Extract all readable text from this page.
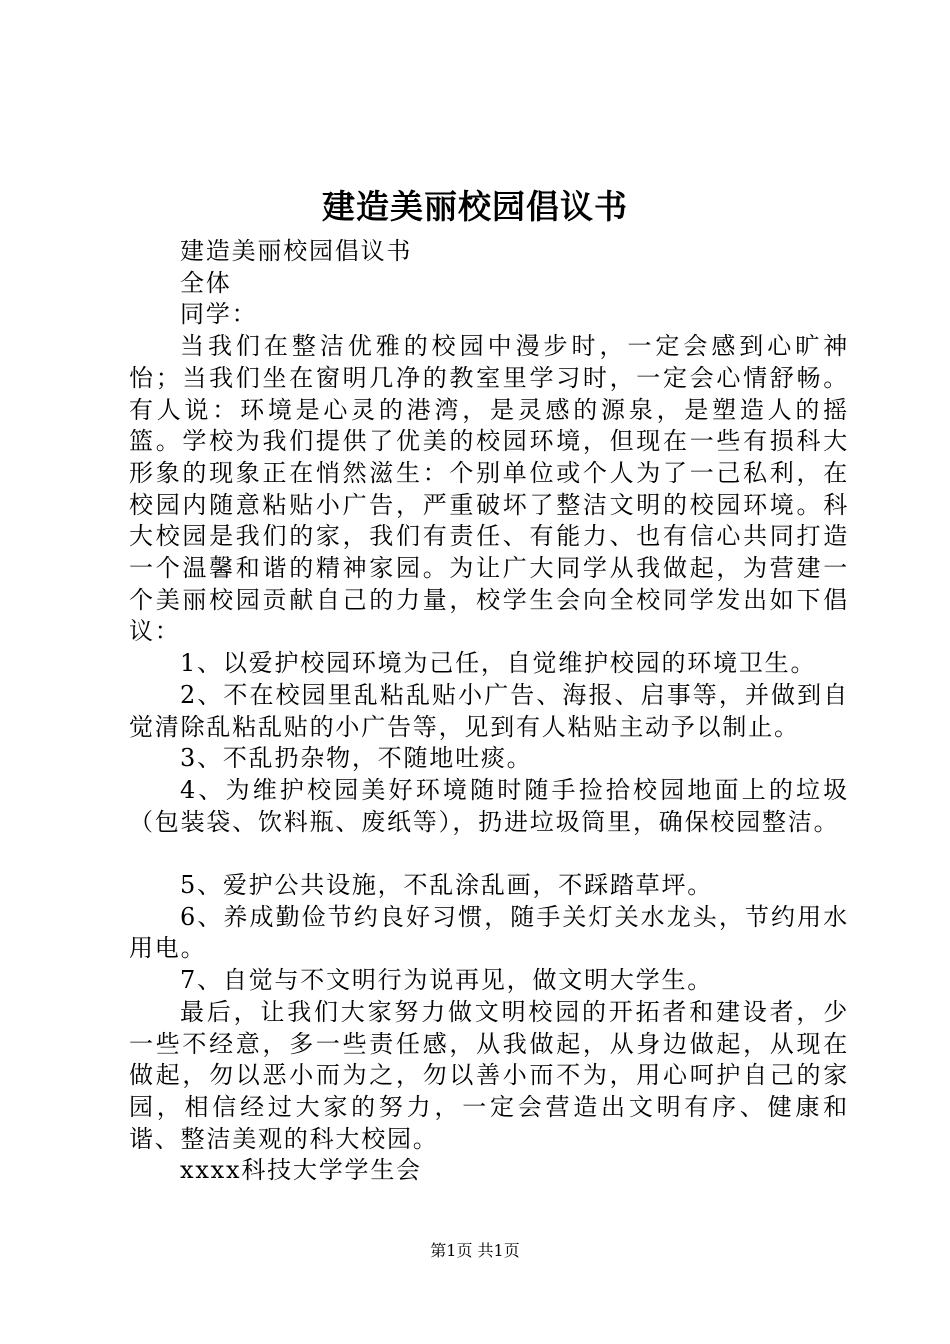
建造美丽校园倡议书

建造美丽校园倡议书

全体

同学：

当我们在整洁优雅的校园中漫步时，一定会感到心旷神怡；当我们坐在窗明几净的教室里学习时，一定会心情舒畅。有人说：环境是心灵的港湾，是灵感的源泉，是塑造人的摇篮。学校为我们提供了优美的校园环境，但现在一些有损科大形象的现象正在悄然滋生：个别单位或个人为了一己私利，在校园内随意粘贴小广告，严重破坏了整洁文明的校园环境。科大校园是我们的家，我们有责任、有能力、也有信心共同打造一个温馨和谐的精神家园。为让广大同学从我做起，为营建一个美丽校园贡献自己的力量，校学生会向全校同学发出如下倡议：

1、以爱护校园环境为己任，自觉维护校园的环境卫生。

2、不在校园里乱粘乱贴小广告、海报、启事等，并做到自觉清除乱粘乱贴的小广告等，见到有人粘贴主动予以制止。

3、不乱扔杂物，不随地吐痰。

4、为维护校园美好环境随时随手捡拾校园地面上的垃圾（包装袋、饮料瓶、废纸等），扔进垃圾筒里，确保校园整洁。

5、爱护公共设施，不乱涂乱画，不踩踏草坪。

6、养成勤俭节约良好习惯，随手关灯关水龙头，节约用水用电。

7、自觉与不文明行为说再见，做文明大学生。

最后，让我们大家努力做文明校园的开拓者和建设者，少一些不经意，多一些责任感，从我做起，从身边做起，从现在做起，勿以恶小而为之，勿以善小而不为，用心呵护自己的家园，相信经过大家的努力，一定会营造出文明有序、健康和谐、整洁美观的科大校园。

xxxx科技大学学生会

第1页 共1页
